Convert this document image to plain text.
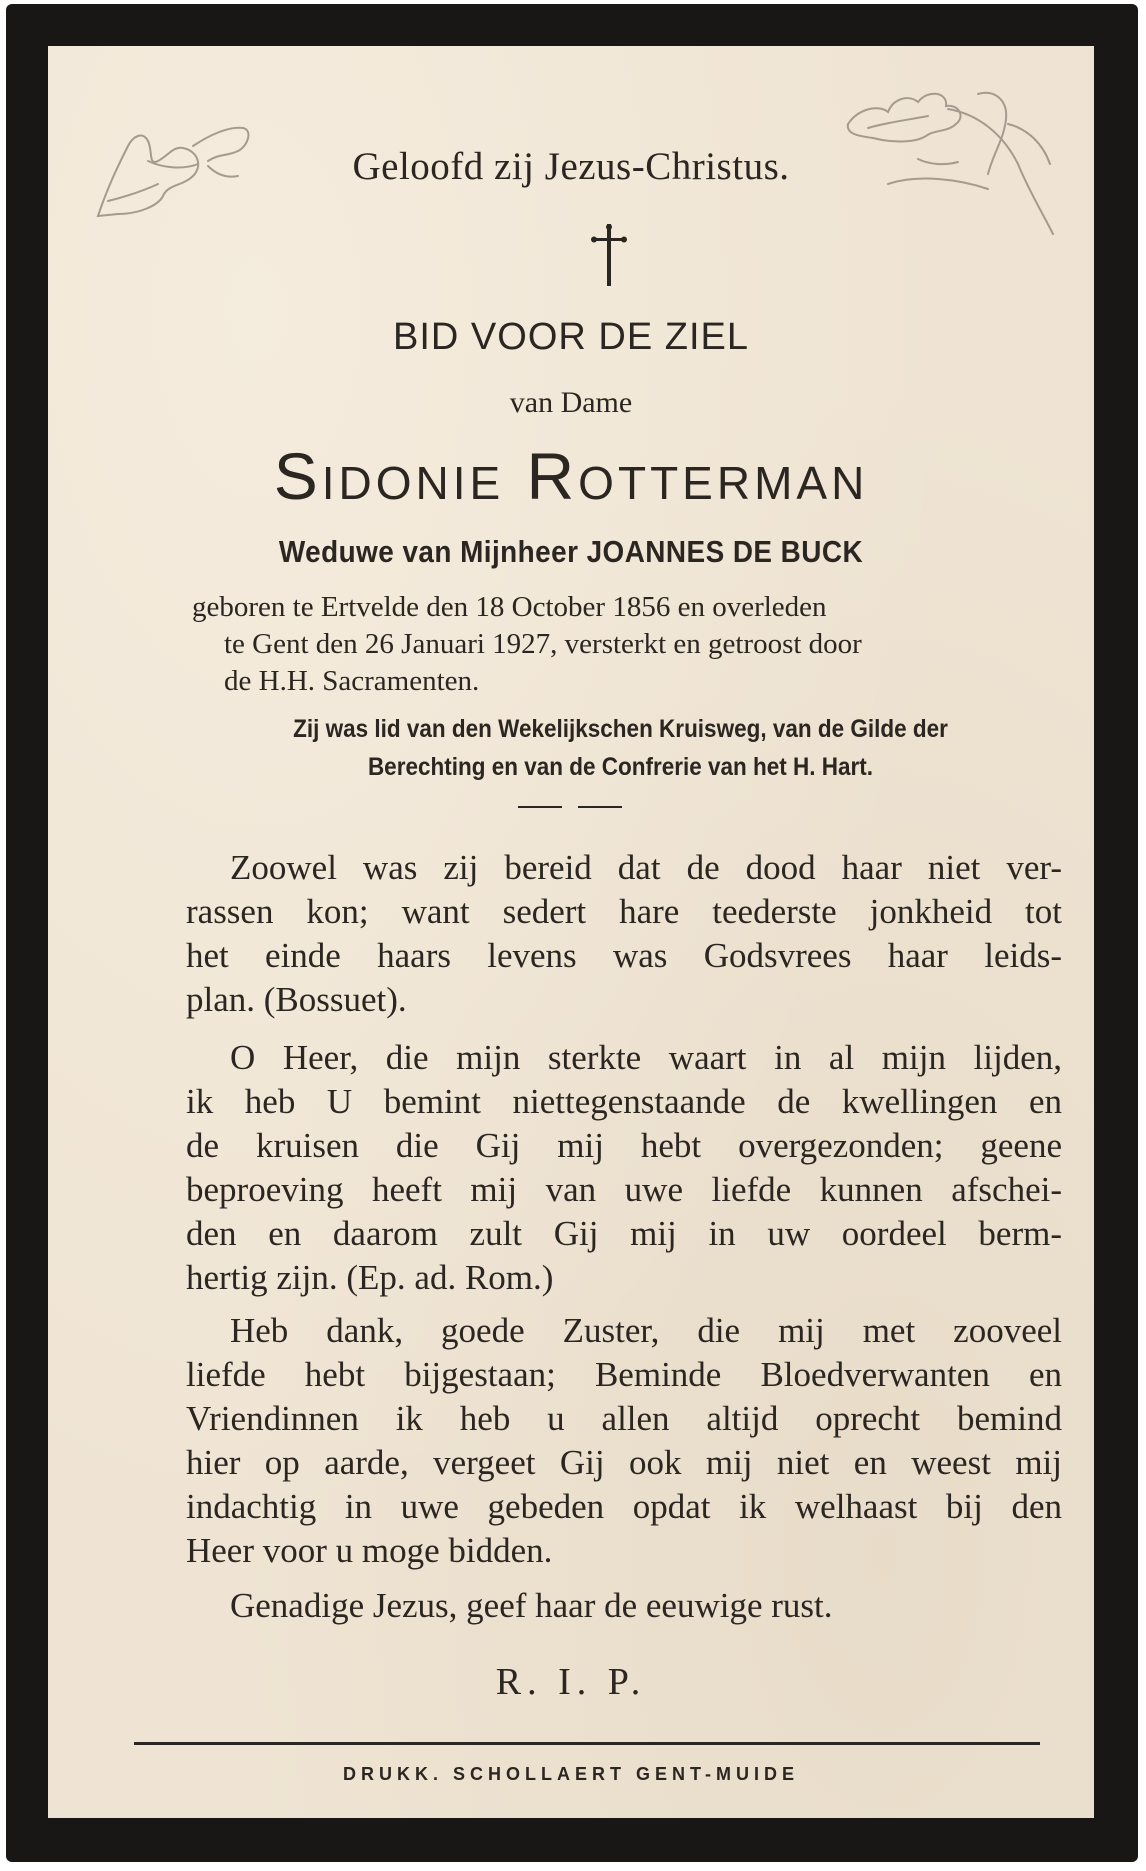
Geloofd zij Jezus-Christus.
BID VOOR DE ZIEL
van Dame
Sidonie Rotterman
Weduwe van Mijnheer JOANNES DE BUCK
geboren te Ertvelde den 18 October 1856 en overleden
te Gent den 26 Januari 1927, versterkt en getroost door
de H.H. Sacramenten.
Zij was lid van den Wekelijkschen Kruisweg, van de Gilde der
Berechting en van de Confrerie van het H. Hart.
Zoowel was zij bereid dat de dood haar niet ver-
rassen kon; want sedert hare teederste jonkheid tot
het einde haars levens was Godsvrees haar leids-
plan. (Bossuet).
O Heer, die mijn sterkte waart in al mijn lijden,
ik heb U bemint niettegenstaande de kwellingen en
de kruisen die Gij mij hebt overgezonden; geene
beproeving heeft mij van uwe liefde kunnen afschei-
den en daarom zult Gij mij in uw oordeel berm-
hertig zijn. (Ep. ad. Rom.)
Heb dank, goede Zuster, die mij met zooveel
liefde hebt bijgestaan; Beminde Bloedverwanten en
Vriendinnen ik heb u allen altijd oprecht bemind
hier op aarde, vergeet Gij ook mij niet en weest mij
indachtig in uwe gebeden opdat ik welhaast bij den
Heer voor u moge bidden.
Genadige Jezus, geef haar de eeuwige rust.
R. I. P.
DRUKK. SCHOLLAERT GENT-MUIDE
